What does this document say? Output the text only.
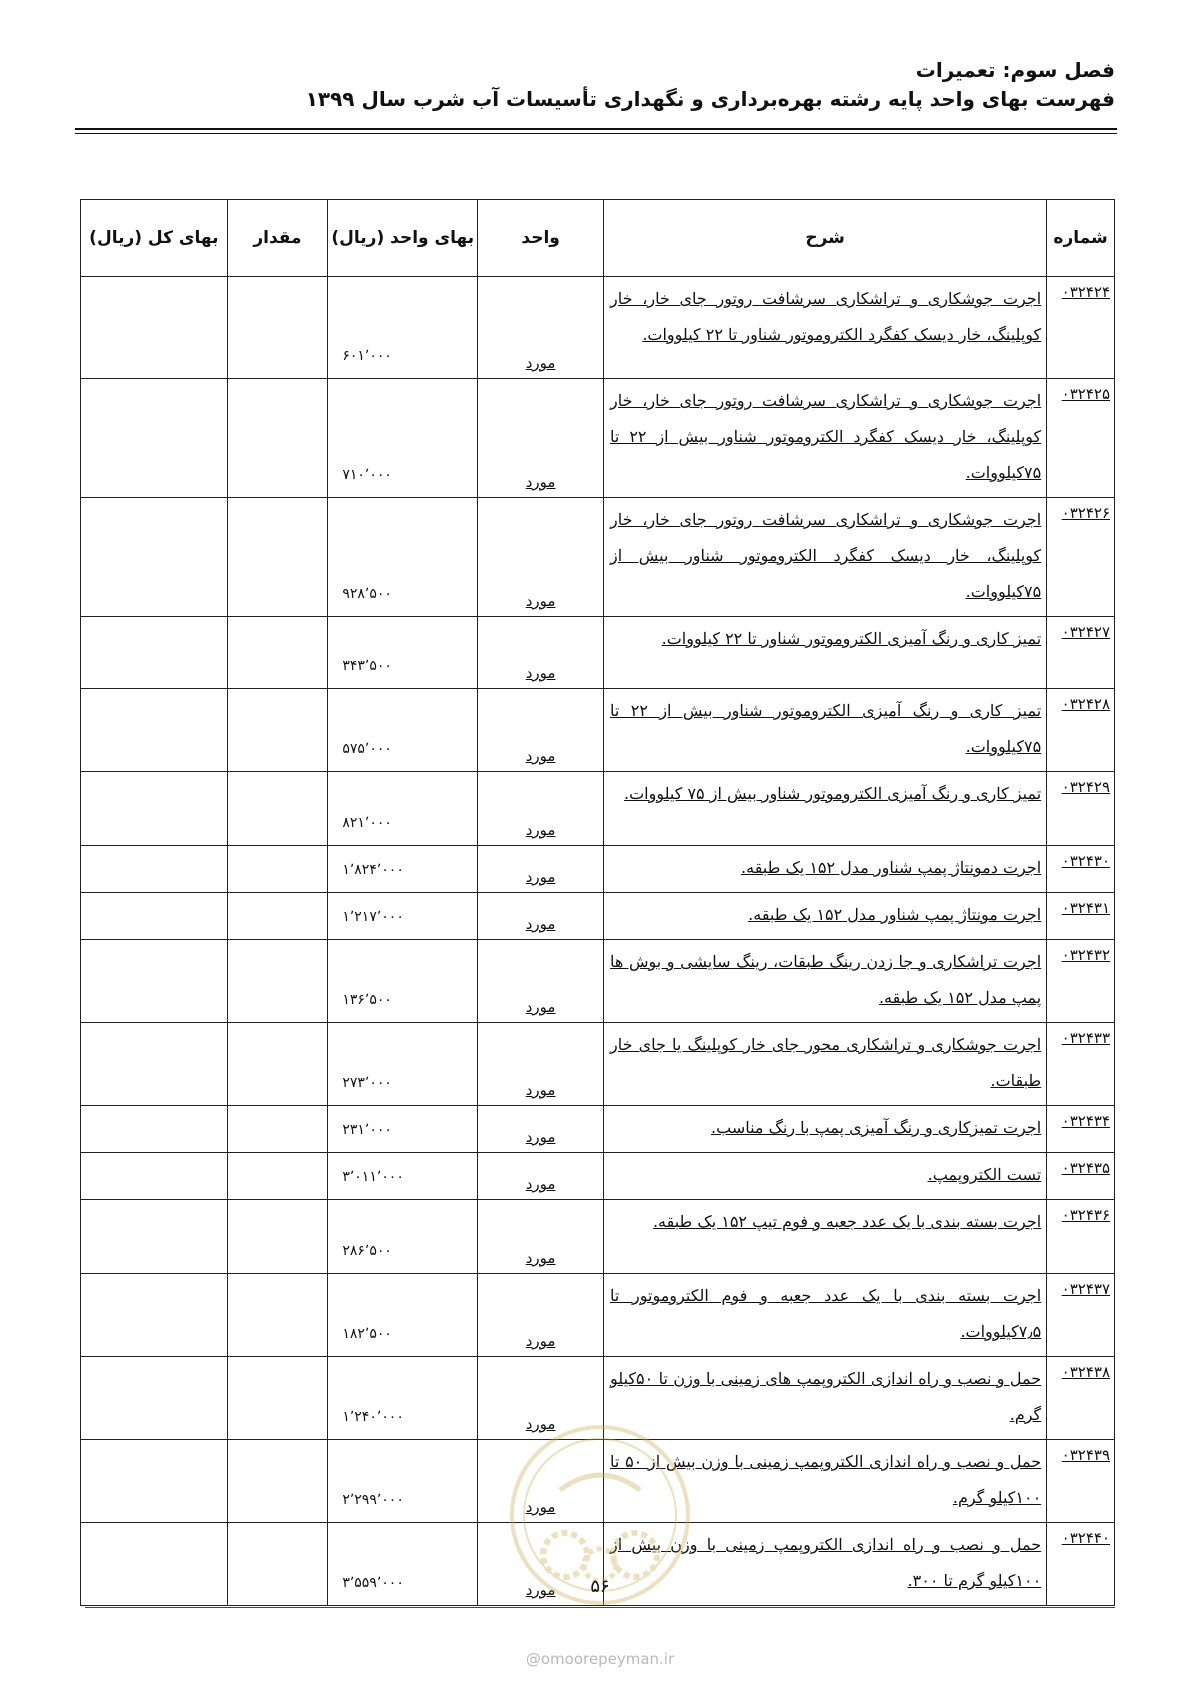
فصل سوم: تعمیرات
فهرست بهای واحد پایه رشته بهره‌برداری و نگهداری تأسیسات آب شرب سال ۱۳۹۹
شماره	شرح	واحد	بهای واحد (ریال)	مقدار	بهای کل (ریال)
۰۳۲۴۲۴	اجرت جوشکاری و تراشکاری سرشافت روتور جای خار، خار کوپلینگ، خار دیسک کفگرد الکتروموتور شناور تا ۲۲ کیلووات.	مورد	۶۰۱٬۰۰۰		
۰۳۲۴۲۵	اجرت جوشکاری و تراشکاری سرشافت روتور جای خار، خار کوپلینگ، خار دیسک کفگرد الکتروموتور شناور بیش از ۲۲ تا ۷۵کیلووات.	مورد	۷۱۰٬۰۰۰		
۰۳۲۴۲۶	اجرت جوشکاری و تراشکاری سرشافت روتور جای خار، خار کوپلینگ، خار دیسک کفگرد الکتروموتور شناور بیش از ۷۵کیلووات.	مورد	۹۲۸٬۵۰۰		
۰۳۲۴۲۷	تمیز کاری و رنگ آمیزی الکتروموتور شناور تا ۲۲ کیلووات.	مورد	۳۴۳٬۵۰۰		
۰۳۲۴۲۸	تمیز کاری و رنگ آمیزی الکتروموتور شناور بیش از ۲۲ تا ۷۵کیلووات.	مورد	۵۷۵٬۰۰۰		
۰۳۲۴۲۹	تمیز کاری و رنگ آمیزی الکتروموتور شناور بیش از ۷۵ کیلووات.	مورد	۸۲۱٬۰۰۰		
۰۳۲۴۳۰	اجرت دمونتاژ پمپ شناور مدل ۱۵۲ یک طبقه.	مورد	۱٬۸۲۴٬۰۰۰		
۰۳۲۴۳۱	اجرت مونتاژ پمپ شناور مدل ۱۵۲ یک طبقه.	مورد	۱٬۲۱۷٬۰۰۰		
۰۳۲۴۳۲	اجرت تراشکاری و جا زدن رینگ طبقات، رینگ سایشی و بوش ها پمپ مدل ۱۵۲ یک طبقه.	مورد	۱۳۶٬۵۰۰		
۰۳۲۴۳۳	اجرت جوشکاری و تراشکاری محور جای خار کوپلینگ یا جای خار طبقات.	مورد	۲۷۳٬۰۰۰		
۰۳۲۴۳۴	اجرت تمیزکاری و رنگ آمیزی پمپ با رنگ مناسب.	مورد	۲۳۱٬۰۰۰		
۰۳۲۴۳۵	تست الکتروپمپ.	مورد	۳٬۰۱۱٬۰۰۰		
۰۳۲۴۳۶	اجرت بسته بندی با یک عدد جعبه و فوم تیپ ۱۵۲ یک طبقه.	مورد	۲۸۶٬۵۰۰		
۰۳۲۴۳۷	اجرت بسته بندی با یک عدد جعبه و فوم الکتروموتور تا ۷٫۵کیلووات.	مورد	۱۸۲٬۵۰۰		
۰۳۲۴۳۸	حمل و نصب و راه اندازی الکتروپمپ های زمینی با وزن تا ۵۰کیلو گرم.	مورد	۱٬۲۴۰٬۰۰۰		
۰۳۲۴۳۹	حمل و نصب و راه اندازی الکتروپمپ زمینی با وزن بیش از ۵۰ تا ۱۰۰کیلو گرم.	مورد	۲٬۲۹۹٬۰۰۰		
۰۳۲۴۴۰	حمل و نصب و راه اندازی الکتروپمپ زمینی با وزن بیش از ۱۰۰کیلو گرم تا ۳۰۰.	مورد	۳٬۵۵۹٬۰۰۰			۵۶
@omoorepeyman.ir
